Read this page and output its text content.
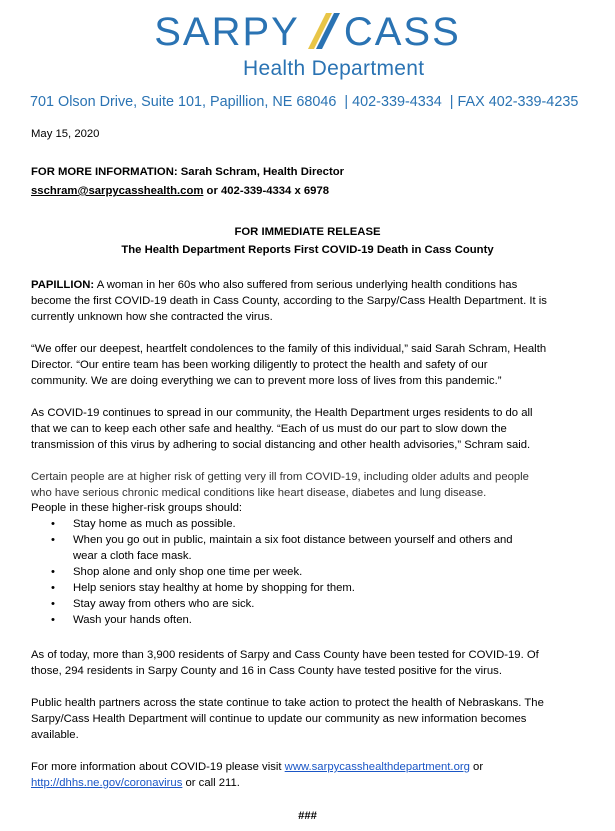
SARPY CASS
Health Department
701 Olson Drive, Suite 101, Papillion, NE 68046 | 402-339-4334 | FAX 402-339-4235
May 15, 2020
FOR MORE INFORMATION: Sarah Schram, Health Director
sschram@sarpycasshealth.com or 402-339-4334 x 6978
FOR IMMEDIATE RELEASE
The Health Department Reports First COVID-19 Death in Cass County
PAPILLION: A woman in her 60s who also suffered from serious underlying health conditions has
become the first COVID-19 death in Cass County, according to the Sarpy/Cass Health Department. It is
currently unknown how she contracted the virus.
“We offer our deepest, heartfelt condolences to the family of this individual,” said Sarah Schram, Health
Director. “Our entire team has been working diligently to protect the health and safety of our
community. We are doing everything we can to prevent more loss of lives from this pandemic.”
As COVID-19 continues to spread in our community, the Health Department urges residents to do all
that we can to keep each other safe and healthy. “Each of us must do our part to slow down the
transmission of this virus by adhering to social distancing and other health advisories,” Schram said.
Certain people are at higher risk of getting very ill from COVID-19, including older adults and people
who have serious chronic medical conditions like heart disease, diabetes and lung disease.
People in these higher-risk groups should:
• Stay home as much as possible.
• When you go out in public, maintain a six foot distance between yourself and others and
wear a cloth face mask.
• Shop alone and only shop one time per week.
• Help seniors stay healthy at home by shopping for them.
• Stay away from others who are sick.
• Wash your hands often.
As of today, more than 3,900 residents of Sarpy and Cass County have been tested for COVID-19. Of
those, 294 residents in Sarpy County and 16 in Cass County have tested positive for the virus.
Public health partners across the state continue to take action to protect the health of Nebraskans. The
Sarpy/Cass Health Department will continue to update our community as new information becomes
available.
For more information about COVID-19 please visit www.sarpycasshealthdepartment.org or
http://dhhs.ne.gov/coronavirus or call 211.
###
